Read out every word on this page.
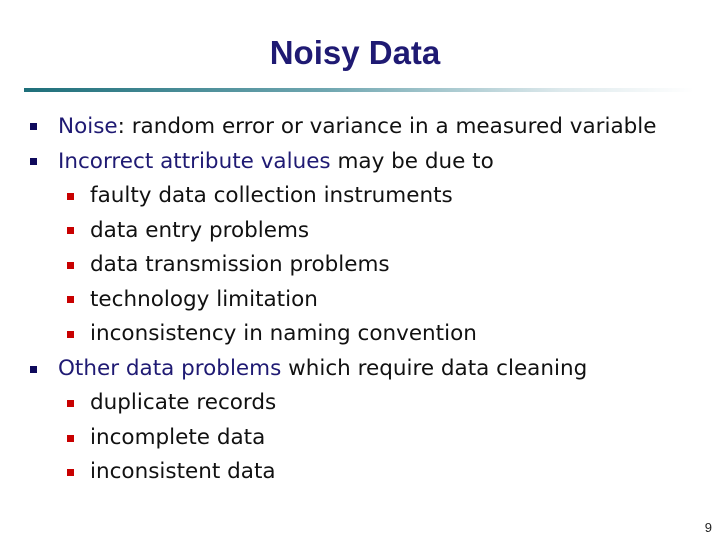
Noisy Data
Noise: random error or variance in a measured variable
Incorrect attribute values may be due to
faulty data collection instruments
data entry problems
data transmission problems
technology limitation
inconsistency in naming convention
Other data problems which require data cleaning
duplicate records
incomplete data
inconsistent data
9
